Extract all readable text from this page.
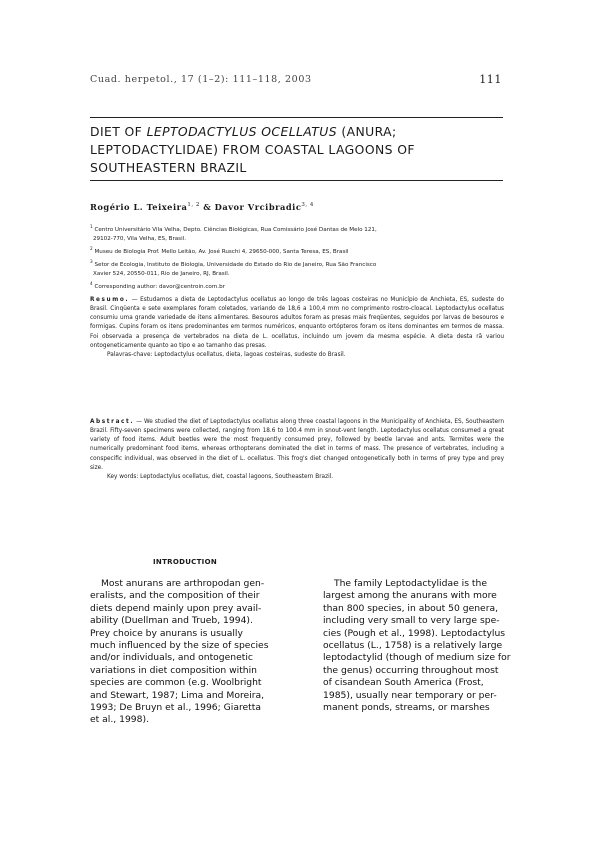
Cuad. herpetol., 17 (1–2): 111–118, 2003	111
DIET OF LEPTODACTYLUS OCELLATUS (ANURA;
LEPTODACTYLIDAE) FROM COASTAL LAGOONS OF
SOUTHEASTERN BRAZIL
Rogério L. Teixeira$^{1, 2}$ & Davor Vrcibradic$^{3, 4}$
$^1$ Centro Universitário Vila Velha, Depto. Ciências Biológicas, Rua Comissário José Dantas de Melo 121,
29102-770, Vila Velha, ES, Brasil.
$^2$ Museu de Biologia Prof. Mello Leitão, Av. José Ruschi 4, 29650-000, Santa Teresa, ES, Brasil
$^3$ Setor de Ecologia, Instituto de Biologia, Universidade do Estado do Rio de Janeiro, Rua São Francisco
Xavier 524, 20550-011, Rio de Janeiro, RJ, Brasil.
$^4$ Corresponding author: davor@centroin.com.br
Resumo. — Estudamos a dieta de Leptodactylus ocellatus ao longo de três lagoas costeiras no Município de Anchieta, ES, sudeste do Brasil. Cinqüenta e sete exemplares foram coletados, variando de 18,6 a 100,4 mm no comprimento rostro-cloacal. Leptodactylus ocellatus consumiu uma grande variedade de itens alimentares. Besouros adultos foram as presas mais freqüentes, seguidos por larvas de besouros e formigas. Cupins foram os itens predominantes em termos numéricos, enquanto ortópteros foram os itens dominantes em termos de massa. Foi observada a presença de vertebrados na dieta de L. ocellatus, incluindo um jovem da mesma espécie. A dieta desta rã variou ontogeneticamente quanto ao tipo e ao tamanho das presas.
Palavras-chave: Leptodactylus ocellatus, dieta, lagoas costeiras, sudeste do Brasil.
Abstract. — We studied the diet of Leptodactylus ocellatus along three coastal lagoons in the Municipality of Anchieta, ES, Southeastern Brazil. Fifty-seven specimens were collected, ranging from 18.6 to 100.4 mm in snout-vent length. Leptodactylus ocellatus consumed a great variety of food items. Adult beetles were the most frequently consumed prey, followed by beetle larvae and ants. Termites were the numerically predominant food items, whereas orthopterans dominated the diet in terms of mass. The presence of vertebrates, including a conspecific individual, was observed in the diet of L. ocellatus. This frog's diet changed ontogenetically both in terms of prey type and prey size.
Key words: Leptodactylus ocellatus, diet, coastal lagoons, Southeastern Brazil.
INTRODUCTION
Most anurans are arthropodan gen-
eralists, and the composition of their
diets depend mainly upon prey avail-
ability (Duellman and Trueb, 1994).
Prey choice by anurans is usually
much influenced by the size of species
and/or individuals, and ontogenetic
variations in diet composition within
species are common (e.g. Woolbright
and Stewart, 1987; Lima and Moreira,
1993; De Bruyn et al., 1996; Giaretta
et al., 1998).
The family Leptodactylidae is the
largest among the anurans with more
than 800 species, in about 50 genera,
including very small to very large spe-
cies (Pough et al., 1998). Leptodactylus
ocellatus (L., 1758) is a relatively large
leptodactylid (though of medium size for
the genus) occurring throughout most
of cisandean South America (Frost,
1985), usually near temporary or per-
manent ponds, streams, or marshes
